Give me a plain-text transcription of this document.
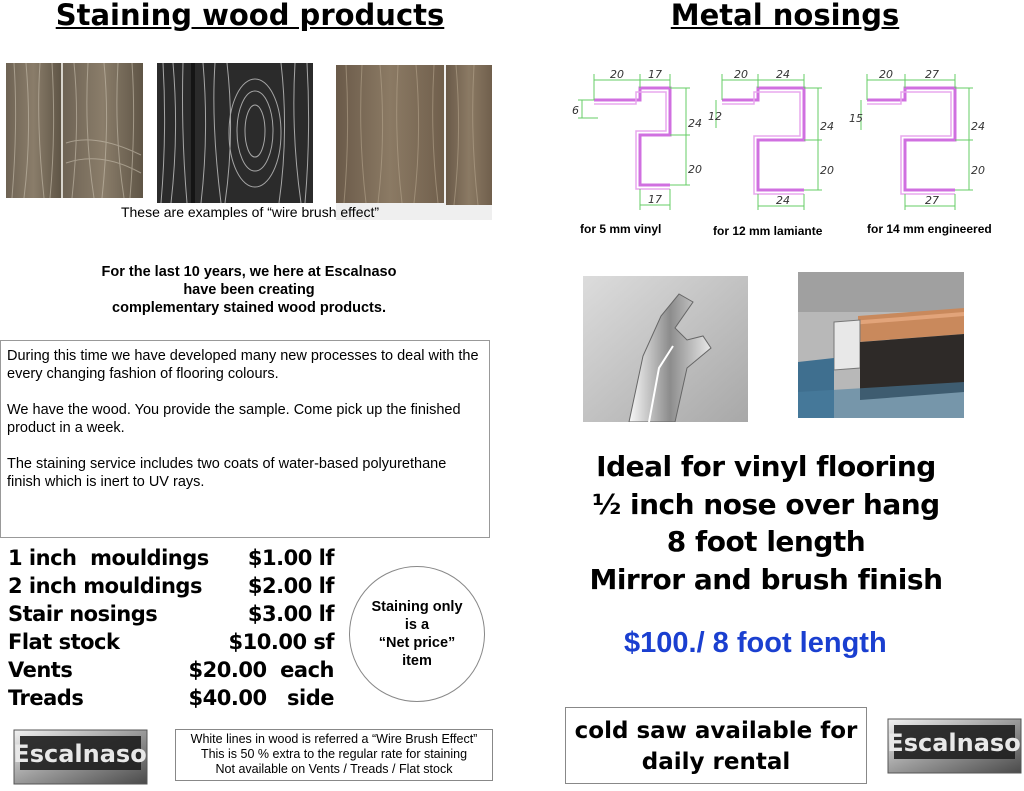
Staining wood products
These are examples of “wire brush effect”
For the last 10 years, we here at Escalnaso
have been creating
complementary stained wood products.

During this time we have developed many new processes to deal with the every changing fashion of flooring colours.

We have the wood. You provide the sample. Come pick up the finished product in a week.

The staining service includes two coats of water-based polyurethane finish which is inert to UV rays.

1 inch  mouldings $1.00 lf
2 inch mouldings $2.00 lf
Stair nosings	$3.00 lf
Flat stock	$10.00 sf
Vents	$20.00  each
Treads	$40.00   side
Staining only
is a
“Net price”
item
Escalnaso
White lines in wood is referred a “Wire Brush Effect”
This is 50 % extra to the regular rate for staining
Not available on Vents / Treads / Flat stock
Metal nosings
20 17
6
24
20
17
20	24
12
24
20
24
20	27
15
24
20
27
for 5 mm vinyl	for 12 mm lamiante	for 14 mm engineered
Ideal for vinyl flooring
½ inch nose over hang
8 foot length
Mirror and brush finish
$100./ 8 foot length
cold saw available for
daily rental
Escalnaso
